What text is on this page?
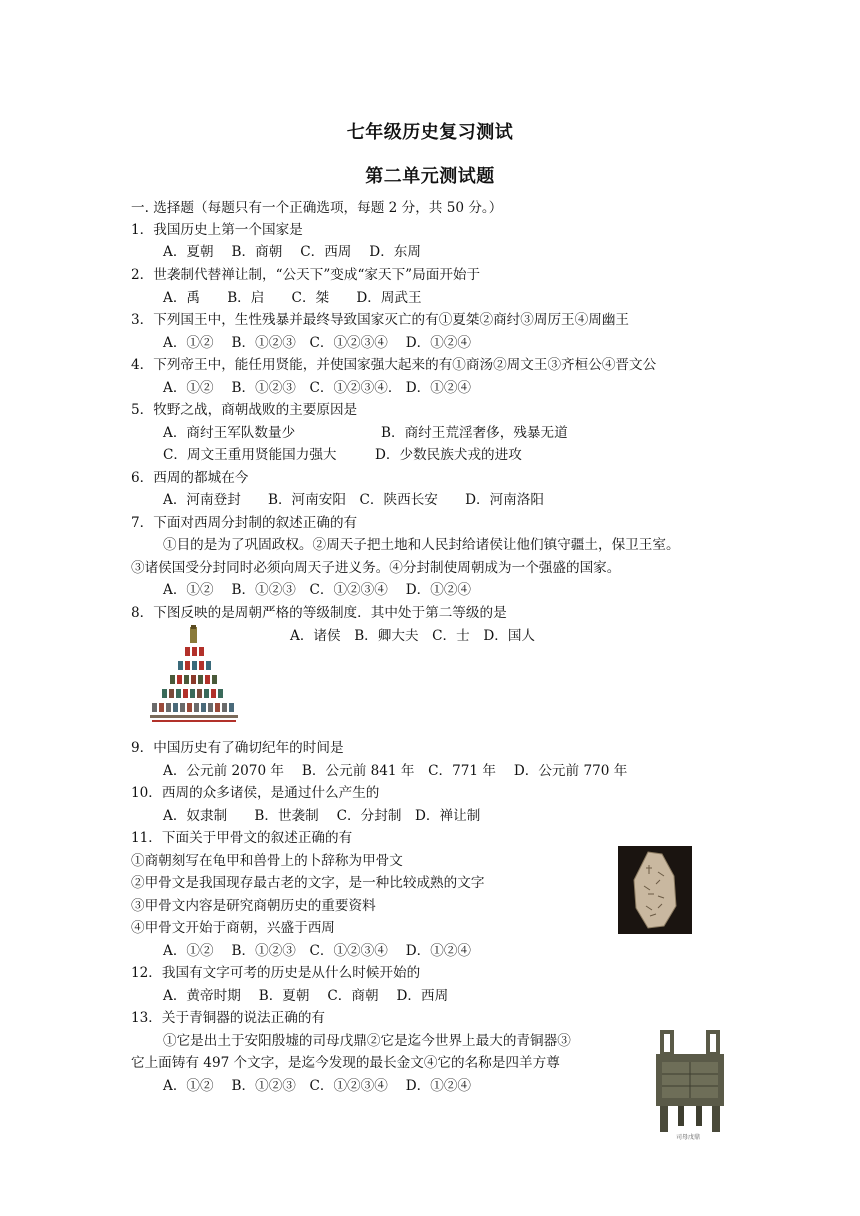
七年级历史复习测试
第二单元测试题
一. 选择题（每题只有一个正确选项，每题 2 分，共 50 分。）
1．我国历史上第一个国家是
A．夏朝　 B．商朝　 C．西周　 D．东周
2．世袭制代替禅让制，“公天下”变成“家天下”局面开始于
A．禹　　B．启　　C．桀　　D．周武王
3．下列国王中，生性残暴并最终导致国家灭亡的有①夏桀②商纣③周厉王④周幽王
A．①②　 B．①②③　C．①②③④　 D．①②④
4．下列帝王中，能任用贤能，并使国家强大起来的有①商汤②周文王③齐桓公④晋文公
A．①②　 B．①②③　C．①②③④． D．①②④
5．牧野之战，商朝战败的主要原因是
A．商纣王军队数量少	B．商纣王荒淫奢侈，残暴无道
C．周文王重用贤能国力强大	D．少数民族犬戎的进攻
6．西周的都城在今
A．河南登封　　B．河南安阳　C．陕西长安　　D．河南洛阳
7．下面对西周分封制的叙述正确的有
①目的是为了巩固政权。②周天子把土地和人民封给诸侯让他们镇守疆土，保卫王室。
③诸侯国受分封同时必须向周天子进义务。④分封制使周朝成为一个强盛的国家。
A．①②　 B．①②③　C．①②③④　 D．①②④
8．下图反映的是周朝严格的等级制度．其中处于第二等级的是
A．诸侯　B．卿大夫　C．士　D．国人
9．中国历史有了确切纪年的时间是
A．公元前 2070 年　 B．公元前 841 年　C．771 年　 D．公元前 770 年
10．西周的众多诸侯，是通过什么产生的
A．奴隶制　　B．世袭制　 C．分封制　D．禅让制
11．下面关于甲骨文的叙述正确的有
①商朝刻写在龟甲和兽骨上的卜辞称为甲骨文
②甲骨文是我国现存最古老的文字，是一种比较成熟的文字
③甲骨文内容是研究商朝历史的重要资料
④甲骨文开始于商朝，兴盛于西周
A．①②　 B．①②③　C．①②③④　 D．①②④
12．我国有文字可考的历史是从什么时候开始的
A．黄帝时期　 B．夏朝　 C．商朝　 D．西周
13．关于青铜器的说法正确的有
①它是出土于安阳殷墟的司母戊鼎②它是迄今世界上最大的青铜器③
它上面铸有 497 个文字，是迄今发现的最长金文④它的名称是四羊方尊
A．①②　 B．①②③　C．①②③④　 D．①②④
司母戊鼎
